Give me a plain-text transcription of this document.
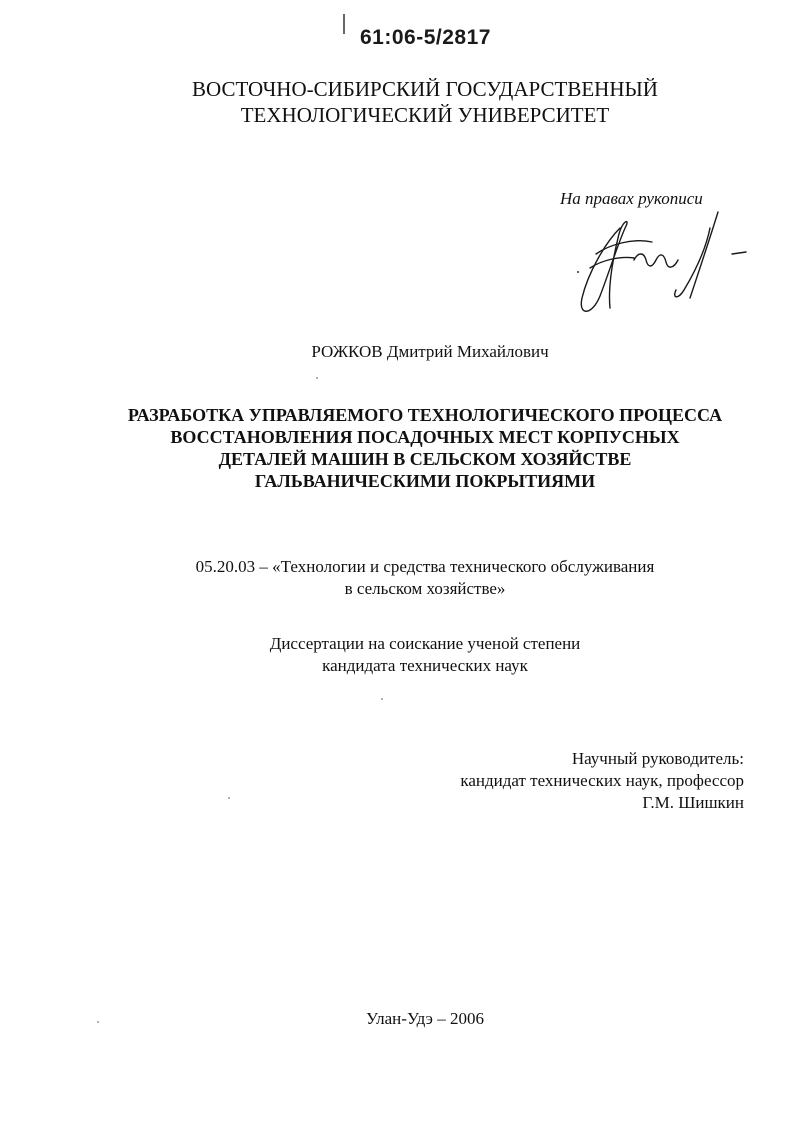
61:06-5/2817
ВОСТОЧНО-СИБИРСКИЙ ГОСУДАРСТВЕННЫЙ
ТЕХНОЛОГИЧЕСКИЙ УНИВЕРСИТЕТ
На правах рукописи
РОЖКОВ Дмитрий Михайлович
РАЗРАБОТКА УПРАВЛЯЕМОГО ТЕХНОЛОГИЧЕСКОГО ПРОЦЕССА
ВОССТАНОВЛЕНИЯ ПОСАДОЧНЫХ МЕСТ КОРПУСНЫХ
ДЕТАЛЕЙ МАШИН В СЕЛЬСКОМ ХОЗЯЙСТВЕ
ГАЛЬВАНИЧЕСКИМИ ПОКРЫТИЯМИ
05.20.03 – «Технологии и средства технического обслуживания
в сельском хозяйстве»
Диссертации на соискание ученой степени
кандидата технических наук
Научный руководитель:
кандидат технических наук, профессор
Г.М. Шишкин
Улан-Удэ – 2006
